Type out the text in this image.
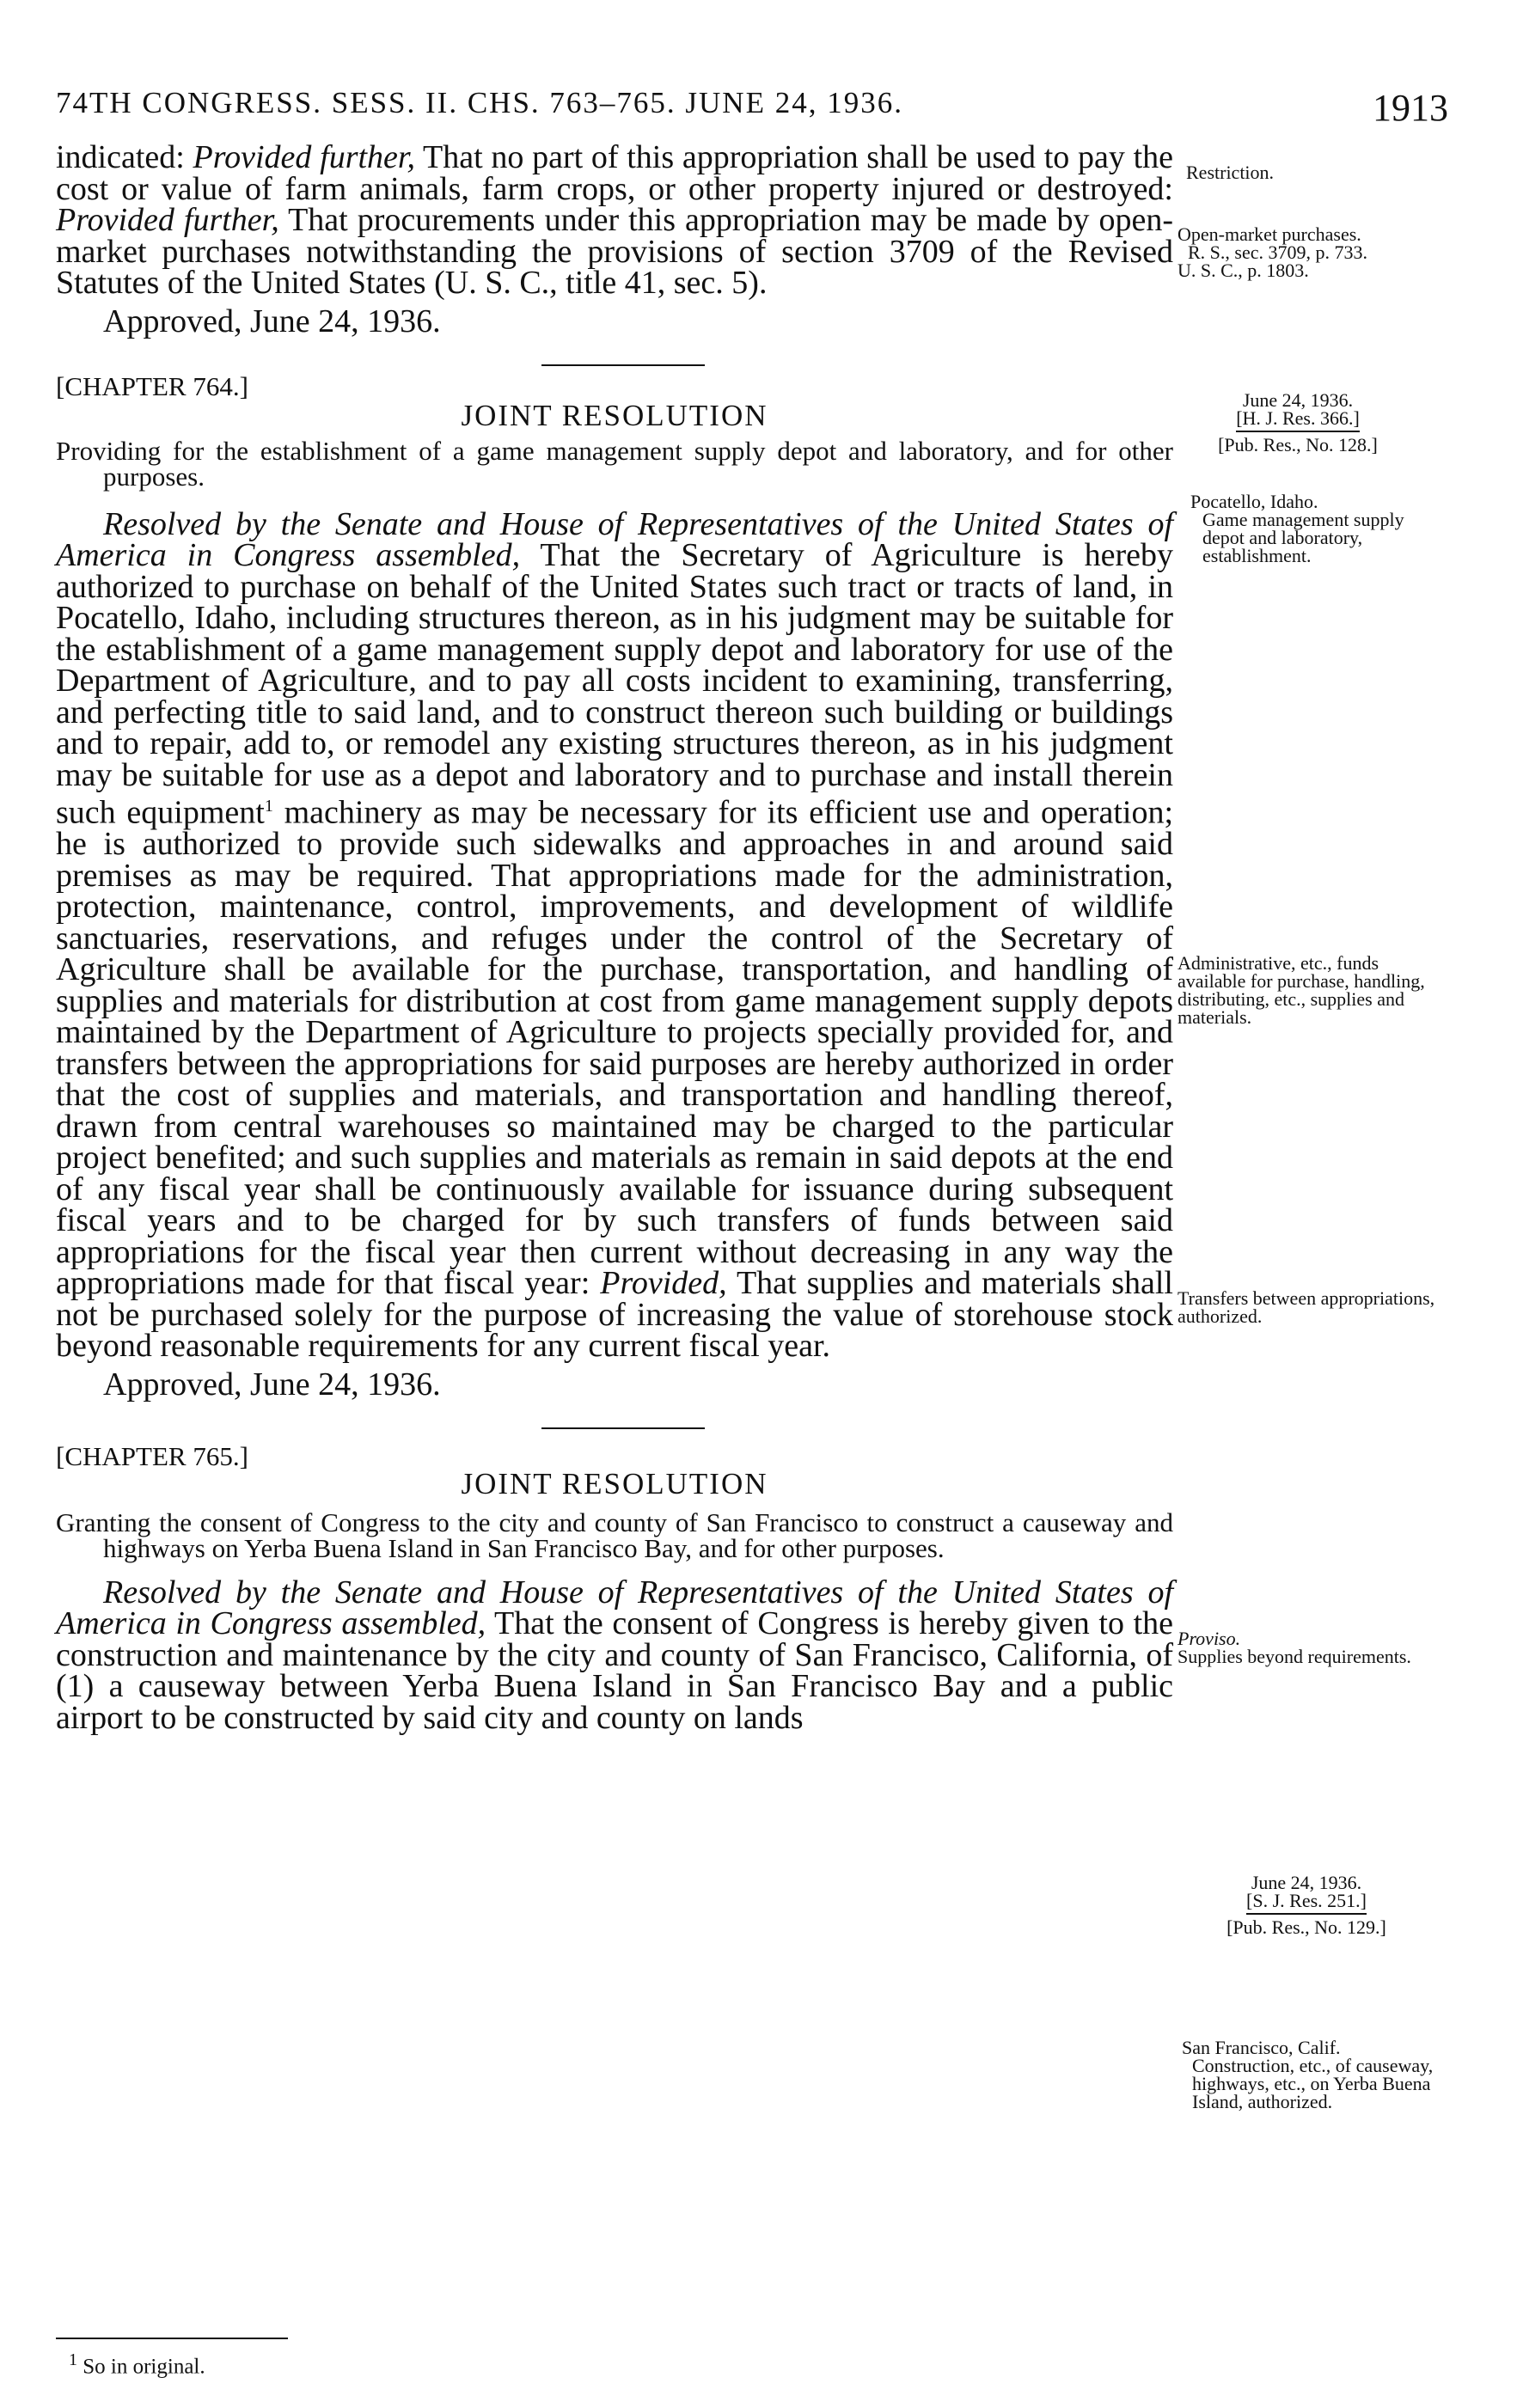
74TH CONGRESS. SESS. II. CHS. 763–765. JUNE 24, 1936.	1913

indicated: Provided further, That no part of this appropriation shall be used to pay the cost or value of farm animals, farm crops, or other property injured or destroyed: Provided further, That procurements under this appropriation may be made by open-market purchases notwithstanding the provisions of section 3709 of the Revised Statutes of the United States (U. S. C., title 41, sec. 5).

Approved, June 24, 1936.
[CHAPTER 764.]
JOINT RESOLUTION

Providing for the establishment of a game management supply depot and laboratory, and for other purposes.

Resolved by the Senate and House of Representatives of the United States of America in Congress assembled, That the Secretary of Agriculture is hereby authorized to purchase on behalf of the United States such tract or tracts of land, in Pocatello, Idaho, including structures thereon, as in his judgment may be suitable for the establishment of a game management supply depot and laboratory for use of the Department of Agriculture, and to pay all costs incident to examining, transferring, and perfecting title to said land, and to construct thereon such building or buildings and to repair, add to, or remodel any existing structures thereon, as in his judgment may be suitable for use as a depot and laboratory and to purchase and install therein such equipment$^1$ machinery as may be necessary for its efficient use and operation; he is authorized to provide such sidewalks and approaches in and around said premises as may be required. That appropriations made for the administration, protection, maintenance, control, improvements, and development of wildlife sanctuaries, reservations, and refuges under the control of the Secretary of Agriculture shall be available for the purchase, transportation, and handling of supplies and materials for distribution at cost from game management supply depots maintained by the Department of Agriculture to projects specially provided for, and transfers between the appropriations for said purposes are hereby authorized in order that the cost of supplies and materials, and transportation and handling thereof, drawn from central warehouses so maintained may be charged to the particular project benefited; and such supplies and materials as remain in said depots at the end of any fiscal year shall be continuously available for issuance during subsequent fiscal years and to be charged for by such transfers of funds between said appropriations for the fiscal year then current without decreasing in any way the appropriations made for that fiscal year: Provided, That supplies and materials shall not be purchased solely for the purpose of increasing the value of storehouse stock beyond reasonable requirements for any current fiscal year.

Approved, June 24, 1936.
[CHAPTER 765.]
JOINT RESOLUTION

Granting the consent of Congress to the city and county of San Francisco to construct a causeway and highways on Yerba Buena Island in San Francisco Bay, and for other purposes.

Resolved by the Senate and House of Representatives of the United States of America in Congress assembled, That the consent of Congress is hereby given to the construction and maintenance by the city and county of San Francisco, California, of (1) a causeway between Yerba Buena Island in San Francisco Bay and a public airport to be constructed by said city and county on lands

Restriction.
Open-market purchases.
R. S., sec. 3709, p. 733.
U. S. C., p. 1803.
June 24, 1936.
[H. J. Res. 366.]
[Pub. Res., No. 128.]
Pocatello, Idaho.
Game management supply depot and laboratory, establishment.
Administrative, etc., funds available for purchase, handling, distributing, etc., supplies and materials.
Transfers between appropriations, authorized.
Proviso.
Supplies beyond requirements.
June 24, 1936.
[S. J. Res. 251.]
[Pub. Res., No. 129.]
San Francisco, Calif.
Construction, etc., of causeway, highways, etc., on Yerba Buena Island, authorized.
$^1$ So in original.
